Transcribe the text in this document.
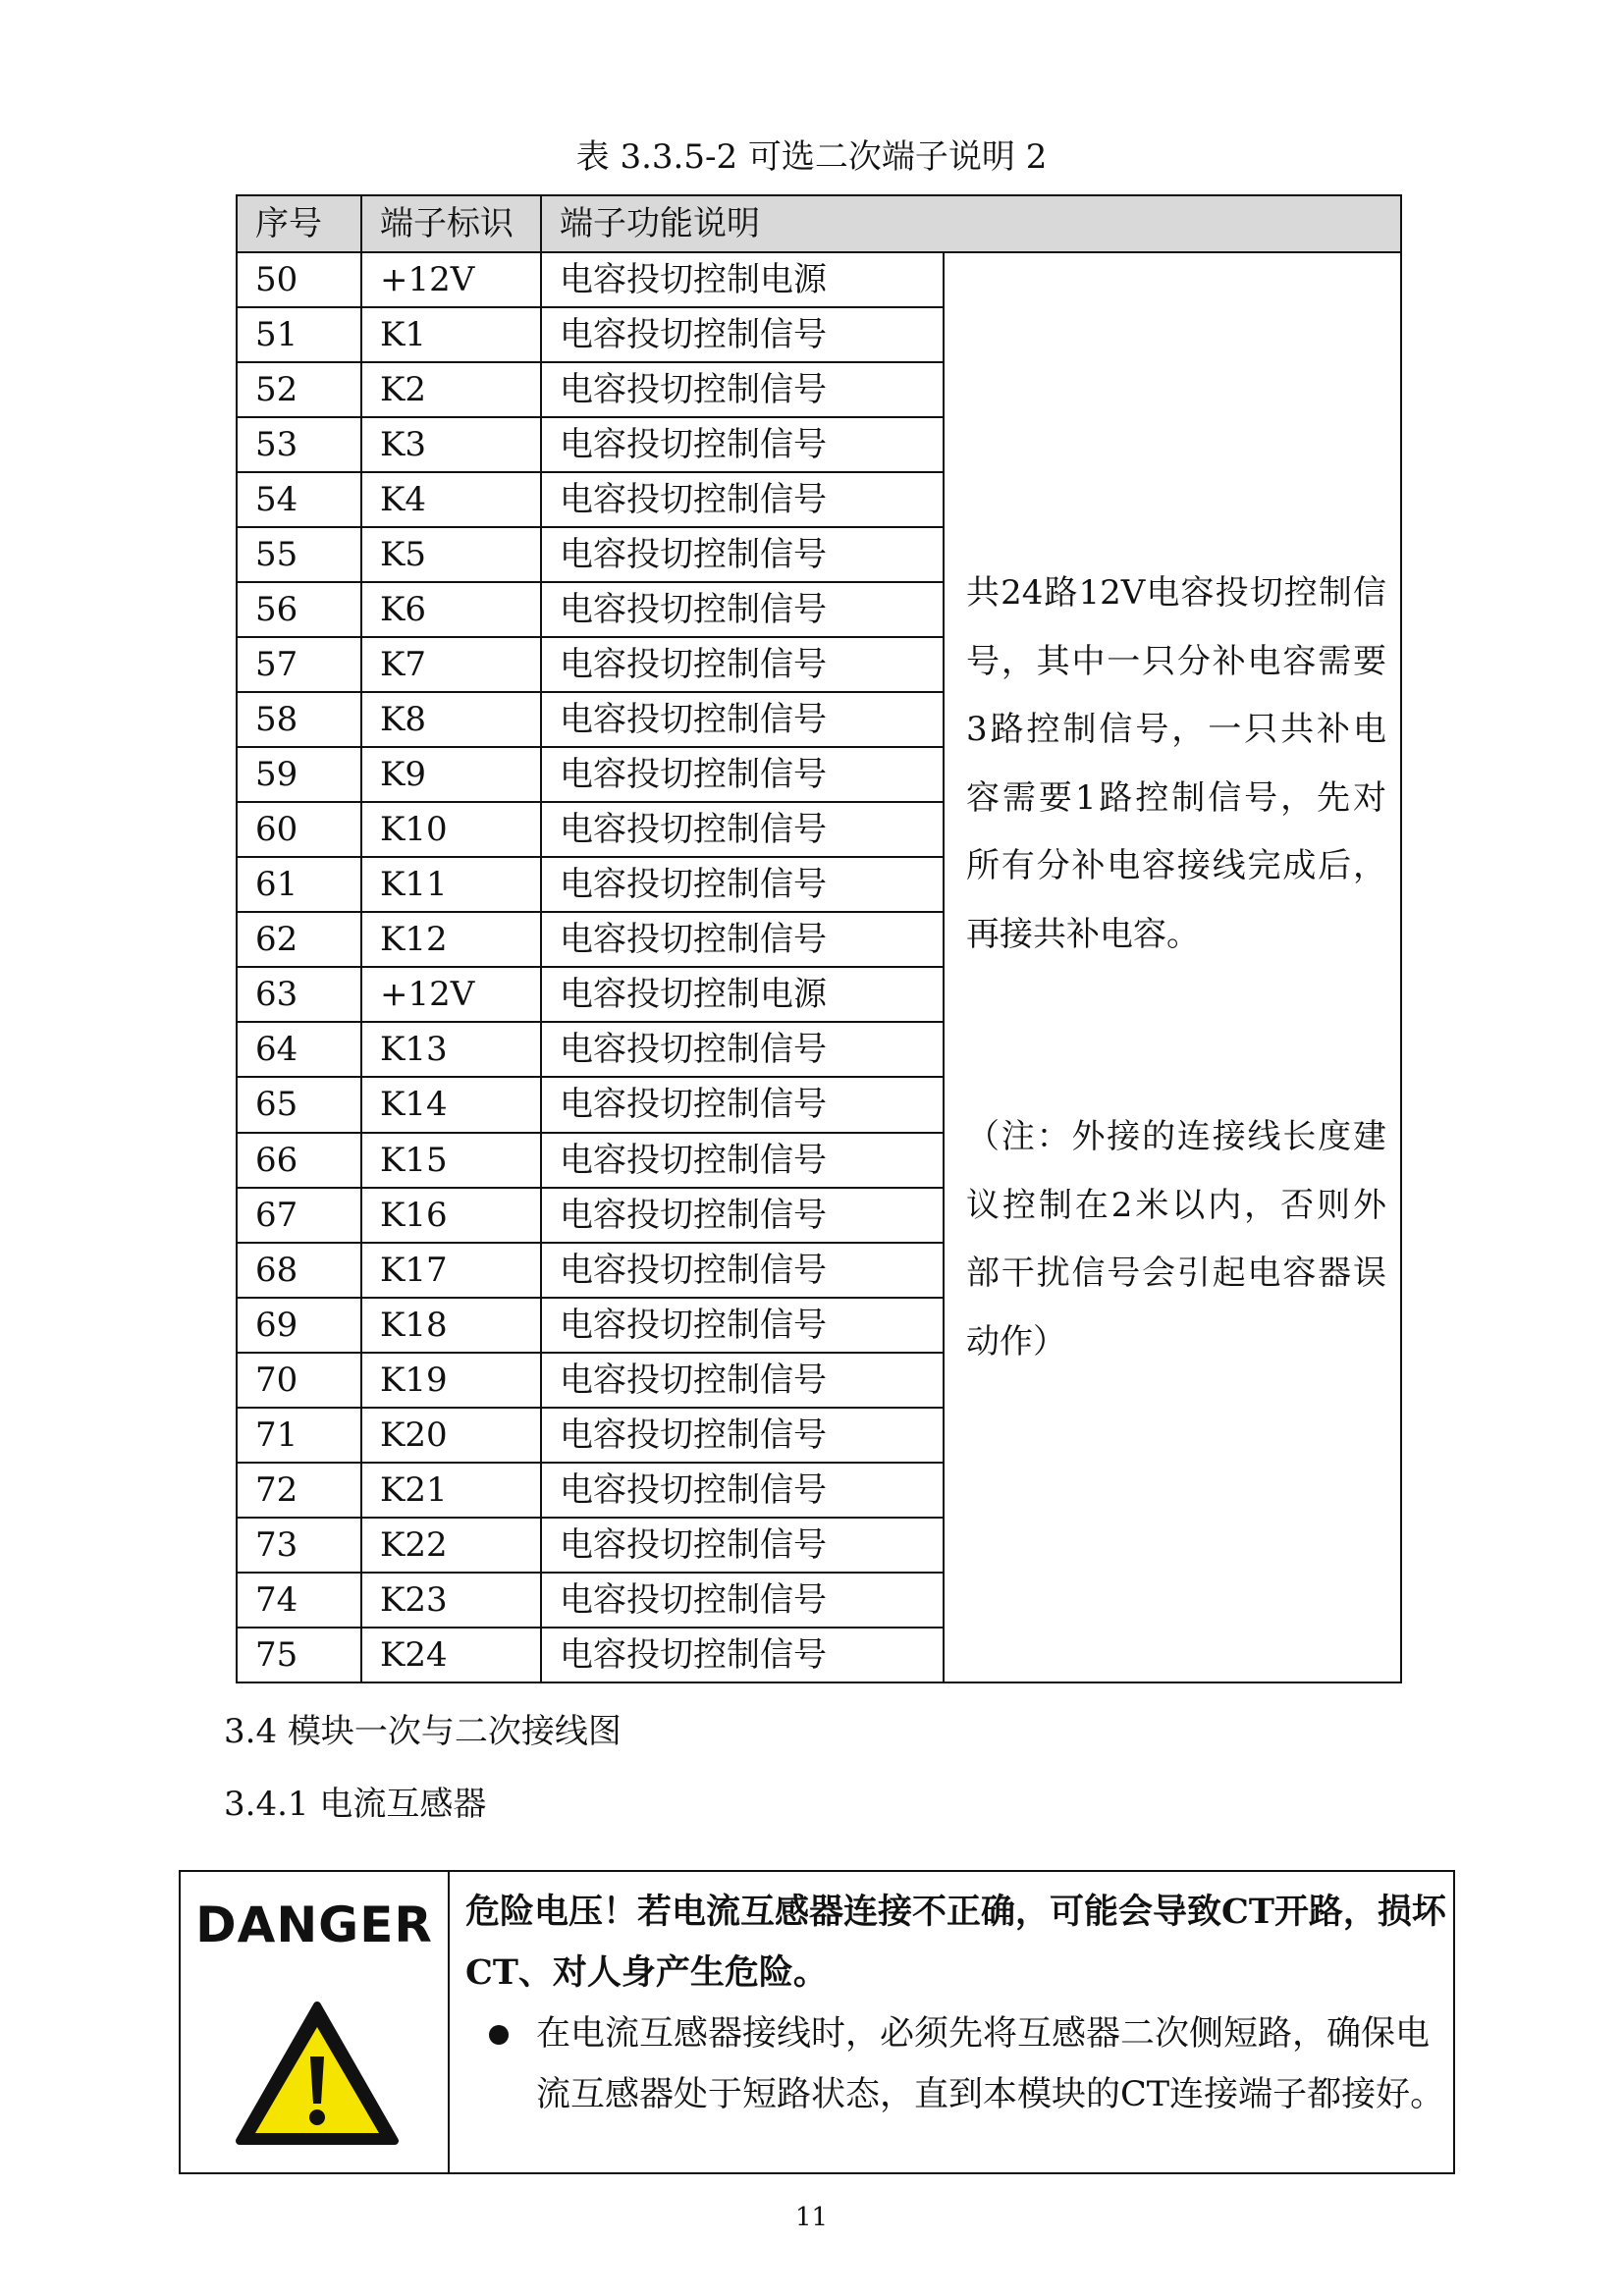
表 3.3.5-2 可选二次端子说明 2
序号	端子标识	端子功能说明	
50	+12V	电容投切控制电源	共24路12V电容投切控制信号，其中一只分补电容需要3路控制信号，一只共补电容需要1路控制信号，先对所有分补电容接线完成后，再接共补电容。
（注：外接的连接线长度建议控制在2米以内，否则外部干扰信号会引起电容器误动作）

51	K1	电容投切控制信号	
52	K2	电容投切控制信号	
53	K3	电容投切控制信号	
54	K4	电容投切控制信号	
55	K5	电容投切控制信号	
56	K6	电容投切控制信号	
57	K7	电容投切控制信号	
58	K8	电容投切控制信号	
59	K9	电容投切控制信号	
60	K10	电容投切控制信号	
61	K11	电容投切控制信号	
62	K12	电容投切控制信号	
63	+12V	电容投切控制电源	
64	K13	电容投切控制信号	
65	K14	电容投切控制信号	
66	K15	电容投切控制信号	
67	K16	电容投切控制信号	
68	K17	电容投切控制信号	
69	K18	电容投切控制信号	
70	K19	电容投切控制信号	
71	K20	电容投切控制信号	
72	K21	电容投切控制信号	
73	K22	电容投切控制信号	
74	K23	电容投切控制信号	
75	K24	电容投切控制信号	
3.4 模块一次与二次接线图
3.4.1 电流互感器
DANGER 危险电压！若电流互感器连接不正确，可能会导致CT开路，损坏CT、对人身产生危险。
在电流互感器接线时，必须先将互感器二次侧短路，确保电流互感器处于短路状态，直到本模块的CT连接端子都接好。
11
